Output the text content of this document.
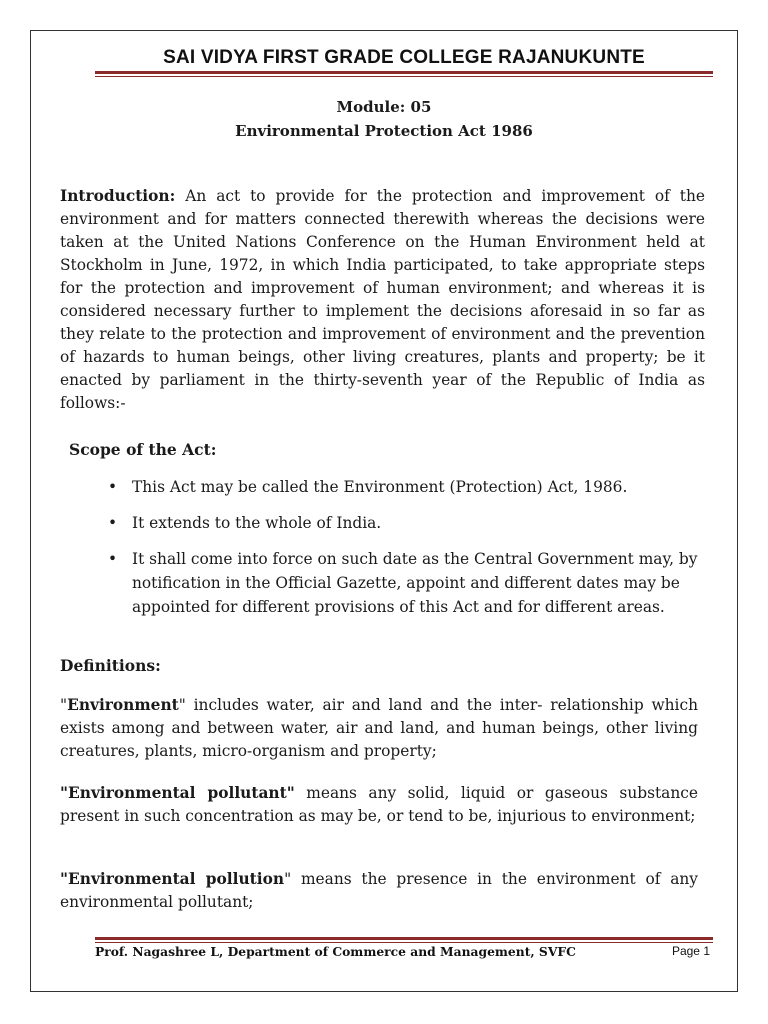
SAI VIDYA FIRST GRADE COLLEGE RAJANUKUNTE
Module: 05
Environmental Protection Act 1986
Introduction: An act to provide for the protection and improvement of the environment and for matters connected therewith whereas the decisions were taken at the United Nations Conference on the Human Environment held at Stockholm in June, 1972, in which India participated, to take appropriate steps for the protection and improvement of human environment; and whereas it is considered necessary further to implement the decisions aforesaid in so far as they relate to the protection and improvement of environment and the prevention of hazards to human beings, other living creatures, plants and property; be it enacted by parliament in the thirty-seventh year of the Republic of India as follows:-
Scope of the Act:
• This Act may be called the Environment (Protection) Act, 1986.
• It extends to the whole of India.
• It shall come into force on such date as the Central Government may, by notification in the Official Gazette, appoint and different dates may be appointed for different provisions of this Act and for different areas.
Definitions:
"Environment" includes water, air and land and the inter- relationship which exists among and between water, air and land, and human beings, other living creatures, plants, micro-organism and property;
"Environmental pollutant" means any solid, liquid or gaseous substance present in such concentration as may be, or tend to be, injurious to environment;
"Environmental pollution" means the presence in the environment of any environmental pollutant;
Prof. Nagashree L, Department of Commerce and Management, SVFC	Page 1
